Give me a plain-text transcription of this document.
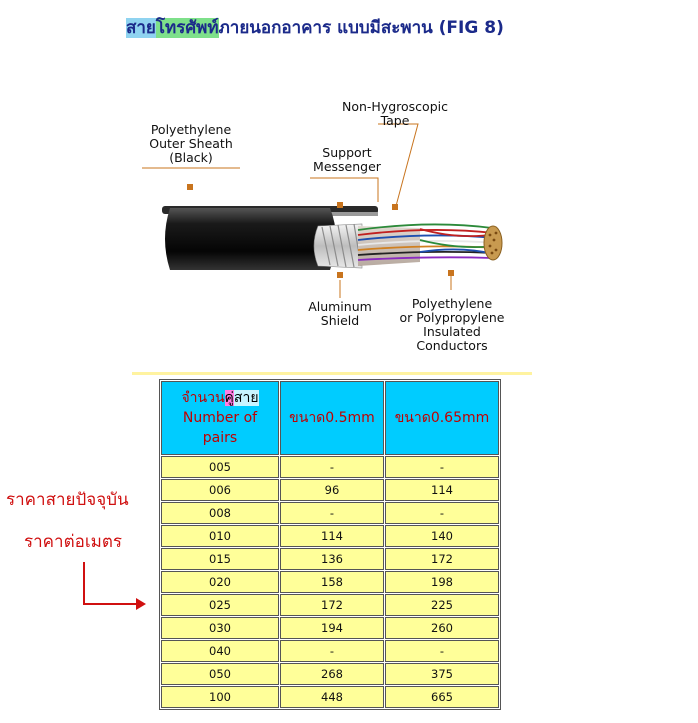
สายโทรศัพท์ภายนอกอาคาร แบบมีสะพาน (FIG 8)
Polyethylene
Outer Sheath
(Black)	Support
Messenger
Non-Hygroscopic
Tape
Aluminum
Shield
Polyethylene
or Polypropylene
Insulated
Conductors
จำนวนคู่สาย
Number of
pairs	ขนาด0.5mm	ขนาด0.65mm
005	-	-
006	96	114
008	-	-
010	114	140
015	136	172
020	158	198
025	172	225
030	194	260
040	-	-
050	268	375
100	448	665
ราคาสายปัจจุบัน
ราคาต่อเมตร
